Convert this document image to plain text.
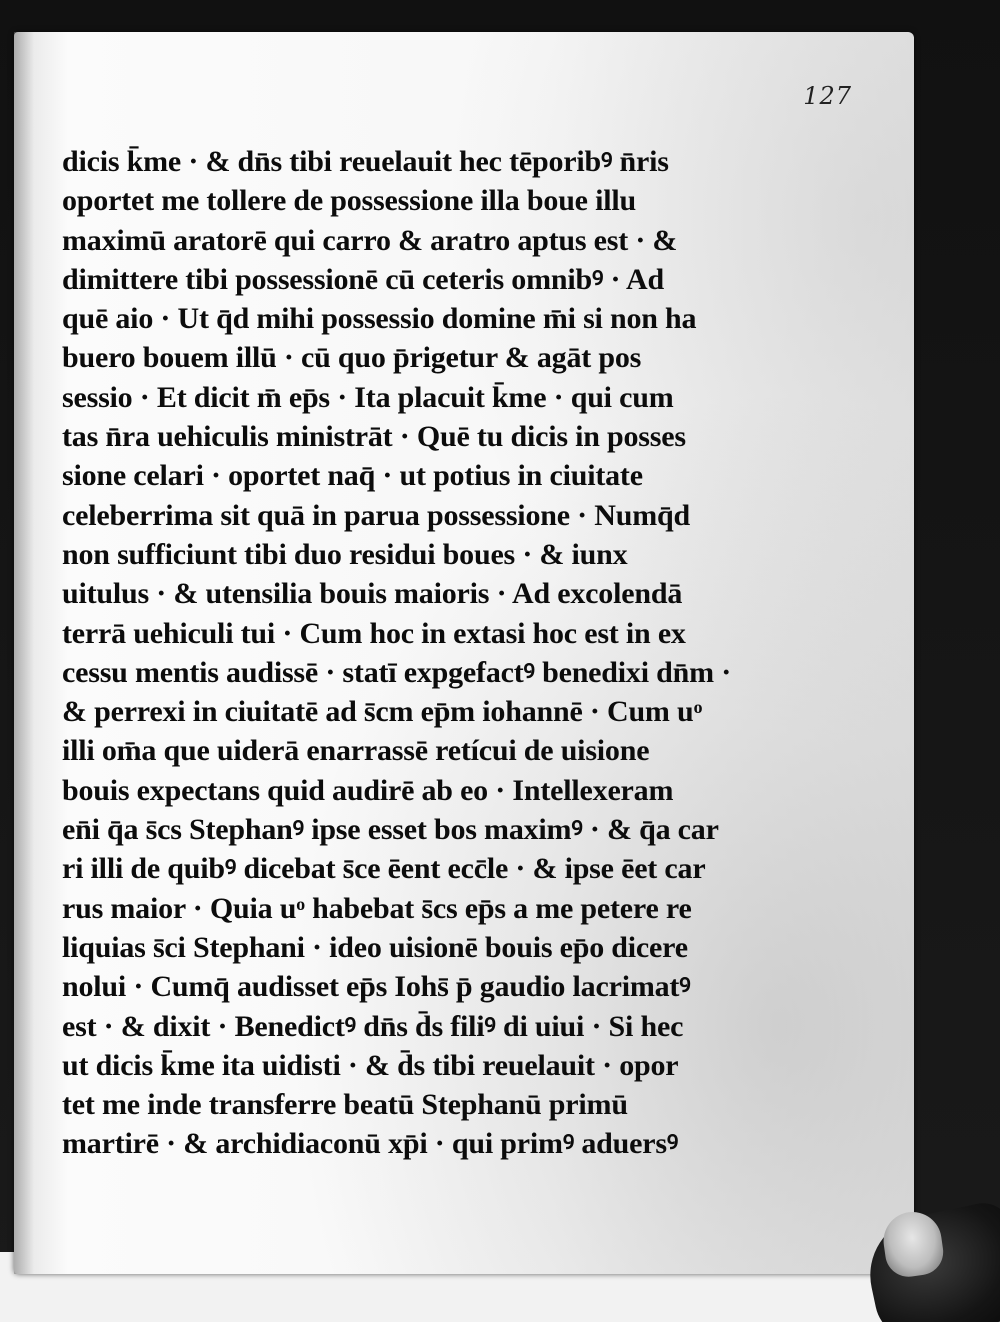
127
dicis k̄me · & dn̄s tibi reuelauit hec tēporibꝰ n̄ris
oportet me tollere de possessione illa boue illu
maximū aratorē qui carro & aratro aptus est · &
dimittere tibi possessionē cū ceteris omnibꝰ · Ad
quē aio · Ut q̄d mihi possessio domine m̄i si non ha
buero bouem illū · cū quo p̄rigetur & agāt pos
sessio · Et dicit m̄ ep̄s · Ita placuit k̄me · qui cum
tas n̄ra uehiculis ministrāt · Quē tu dicis in posses
sione celari · oportet naq̄ · ut potius in ciuitate
celeberrima sit quā in parua possessione · Numq̄d
non sufficiunt tibi duo residui boues · & iunx
uitulus · & utensilia bouis maioris · Ad excolendā
terrā uehiculi tui · Cum hoc in extasi hoc est in ex
cessu mentis audissē · statī expgefactꝰ benedixi dn̄m ·
& perrexi in ciuitatē ad s̄cm ep̄m iohannē · Cum uͦ
illi om̄a que uiderā enarrassē retícui de uisione
bouis expectans quid audirē ab eo · Intellexeram
en̄i q̄a s̄cs Stephanꝰ ipse esset bos maximꝰ · & q̄a car
ri illi de quibꝰ dicebat s̄ce ēent ecc̄le · & ipse ēet car
rus maior · Quia uͦ habebat s̄cs ep̄s a me petere re
liquias s̄ci Stephani · ideo uisionē bouis ep̄o dicere
nolui · Cumq̄ audisset ep̄s Iohs̄ p̄ gaudio lacrimatꝰ
est · & dixit · Benedictꝰ dn̄s d̄s filiꝰ di uiui · Si hec
ut dicis k̄me ita uidisti · & d̄s tibi reuelauit · opor
tet me inde transferre beatū Stephanū primū
martirē · & archidiaconū xp̄i · qui primꝰ aduersꝰ
